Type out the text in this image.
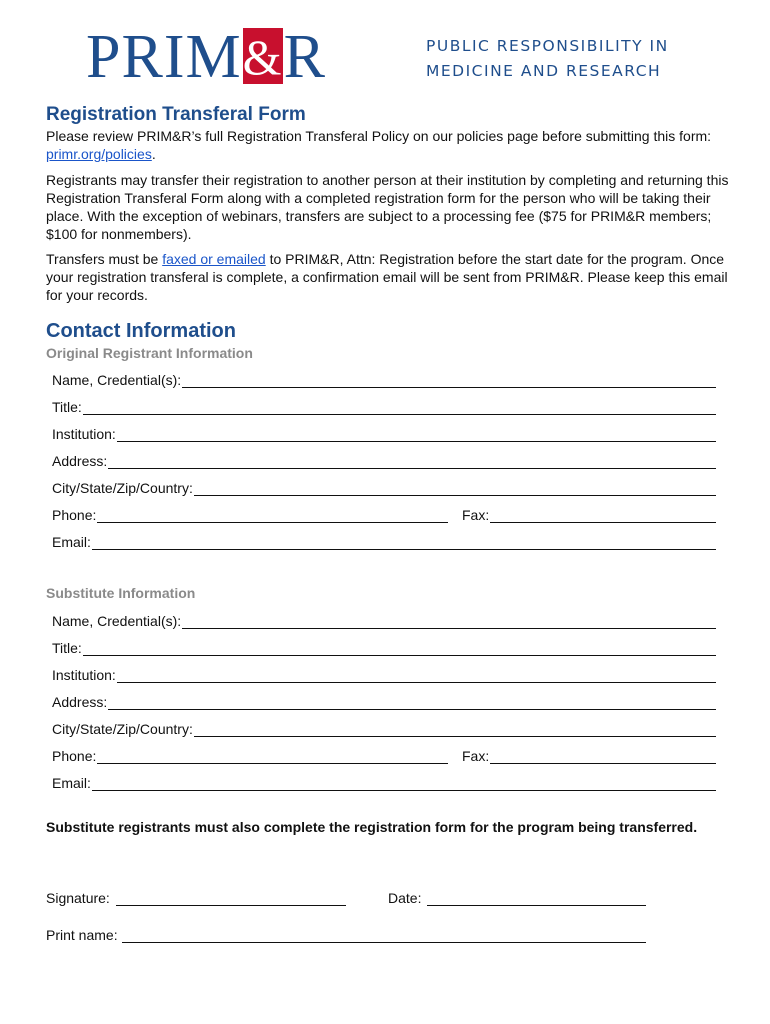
PRIM&R	PUBLIC RESPONSIBILITY IN
MEDICINE AND RESEARCH
Registration Transferal Form

Please review PRIM&R’s full Registration Transferal Policy on our policies page before submitting this form: primr.org/policies.

Registrants may transfer their registration to another person at their institution by completing and returning this Registration Transferal Form along with a completed registration form for the person who will be taking their place. With the exception of webinars, transfers are subject to a processing fee ($75 for PRIM&R members; $100 for nonmembers).

Transfers must be faxed or emailed to PRIM&R, Attn: Registration before the start date for the program. Once your registration transferal is complete, a confirmation email will be sent from PRIM&R. Please keep this email for your records.

Contact Information
Original Registrant Information
Name, Credential(s):
Title:
Institution:
Address:
City/State/Zip/Country:
Phone:	Fax:
Email:
Substitute Information
Name, Credential(s):
Title:
Institution:
Address:
City/State/Zip/Country:
Phone:	Fax:
Email:

Substitute registrants must also complete the registration form for the program being transferred.

Signature:	Date:
Print name:
